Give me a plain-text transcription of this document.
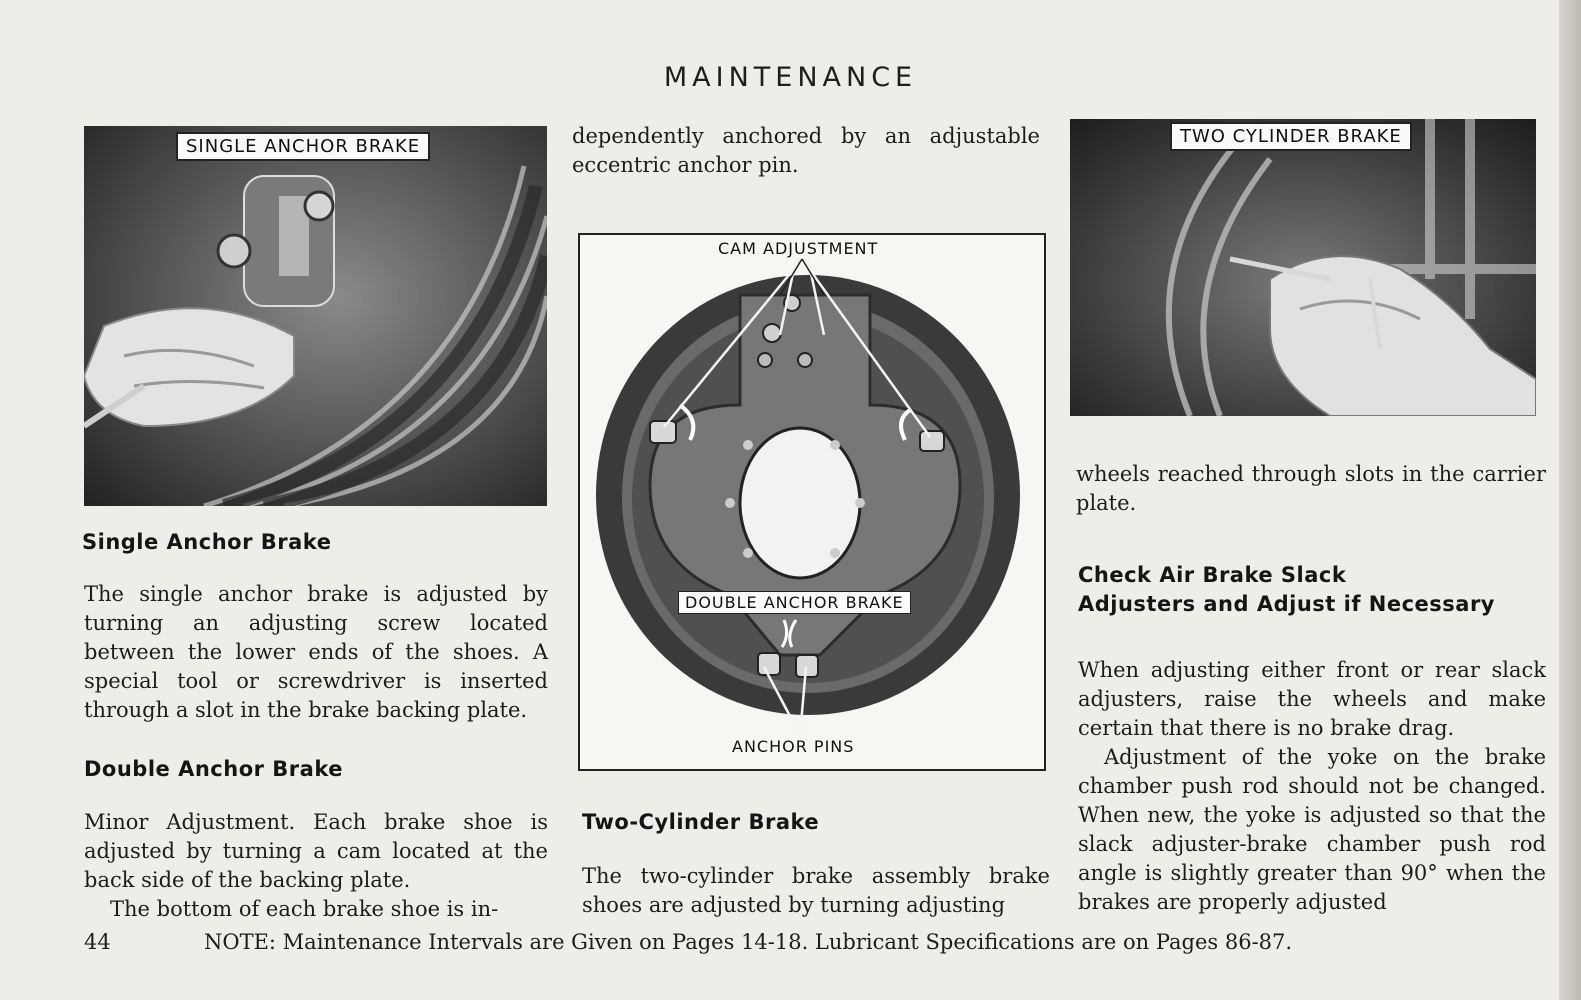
MAINTENANCE
SINGLE ANCHOR BRAKE	TWO CYLINDER BRAKE
Single Anchor Brake
The single anchor brake is adjusted by turning an adjusting screw located between the lower ends of the shoes. A special tool or screwdriver is inserted through a slot in the brake backing plate.
Double Anchor Brake
Minor Adjustment. Each brake shoe is adjusted by turning a cam located at the back side of the backing plate.
The bottom of each brake shoe is in-
dependently anchored by an adjustable eccentric anchor pin.
CAM ADJUSTMENT
DOUBLE ANCHOR BRAKE
ANCHOR PINS
Two-Cylinder Brake
The two-cylinder brake assembly brake shoes are adjusted by turning adjusting
wheels reached through slots in the carrier plate.
Check Air Brake Slack
Adjusters and Adjust if Necessary
When adjusting either front or rear slack adjusters, raise the wheels and make certain that there is no brake drag.
Adjustment of the yoke on the brake chamber push rod should not be changed. When new, the yoke is adjusted so that the slack adjuster-brake chamber push rod angle is slightly greater than 90° when the brakes are properly adjusted
44	NOTE: Maintenance Intervals are Given on Pages 14-18. Lubricant Specifications are on Pages 86-87.
